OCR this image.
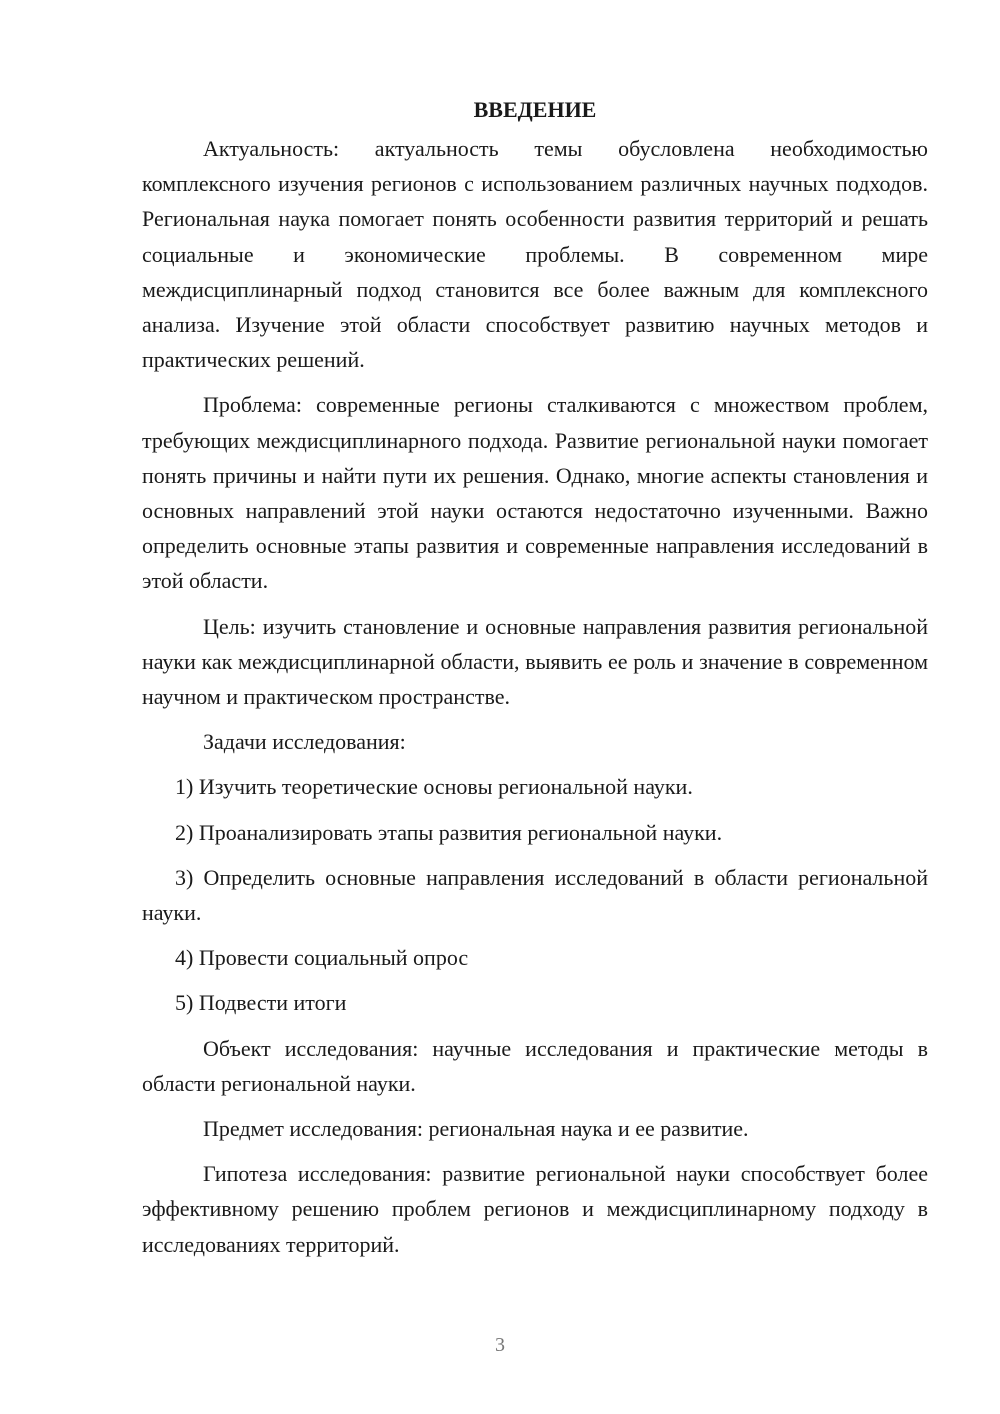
ВВЕДЕНИЕ

Актуальность: актуальность темы обусловлена необходимостью комплексного изучения регионов с использованием различных научных подходов. Региональная наука помогает понять особенности развития территорий и решать социальные и экономические проблемы. В современном мире междисциплинарный подход становится все более важным для комплексного анализа. Изучение этой области способствует развитию научных методов и практических решений.

Проблема: современные регионы сталкиваются с множеством проблем, требующих междисциплинарного подхода. Развитие региональной науки помогает понять причины и найти пути их решения. Однако, многие аспекты становления и основных направлений этой науки остаются недостаточно изученными. Важно определить основные этапы развития и современные направления исследований в этой области.

Цель: изучить становление и основные направления развития региональной науки как междисциплинарной области, выявить ее роль и значение в современном научном и практическом пространстве.

Задачи исследования:

1) Изучить теоретические основы региональной науки.

2) Проанализировать этапы развития региональной науки.

3) Определить основные направления исследований в области региональной науки.

4) Провести социальный опрос

5) Подвести итоги

Объект исследования: научные исследования и практические методы в области региональной науки.

Предмет исследования: региональная наука и ее развитие.

Гипотеза исследования: развитие региональной науки способствует более эффективному решению проблем регионов и междисциплинарному подходу в исследованиях территорий.

3
